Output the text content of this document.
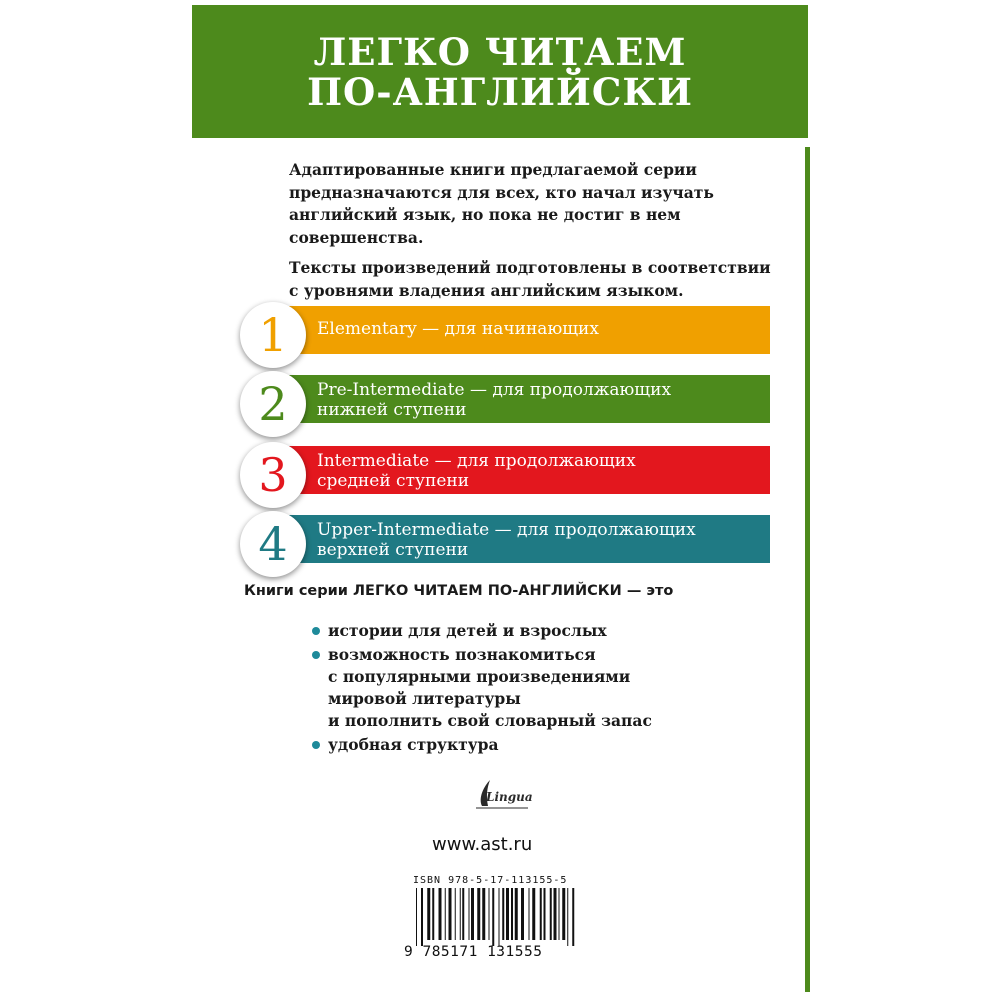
ЛЕГКО ЧИТАЕМ
ПО-АНГЛИЙСКИ

Адаптированные книги предлагаемой серии
предназначаются для всех, кто начал изучать
английский язык, но пока не достиг в нем
совершенства.

Тексты произведений подготовлены в соответствии
с уровнями владения английским языком.

1	Elementary — для начинающих
2	Pre-Intermediate — для продолжающих
нижней ступени
3	Intermediate — для продолжающих
средней ступени
4	Upper-Intermediate — для продолжающих
верхней ступени
Книги серии ЛЕГКО ЧИТАЕМ ПО-АНГЛИЙСКИ — это
истории для детей и взрослых
возможность познакомиться
с популярными произведениями
мировой литературы
и пополнить свой словарный запас
удобная структура
Lingua
www.ast.ru
ISBN 978-5-17-113155-5
9 785171 131555
